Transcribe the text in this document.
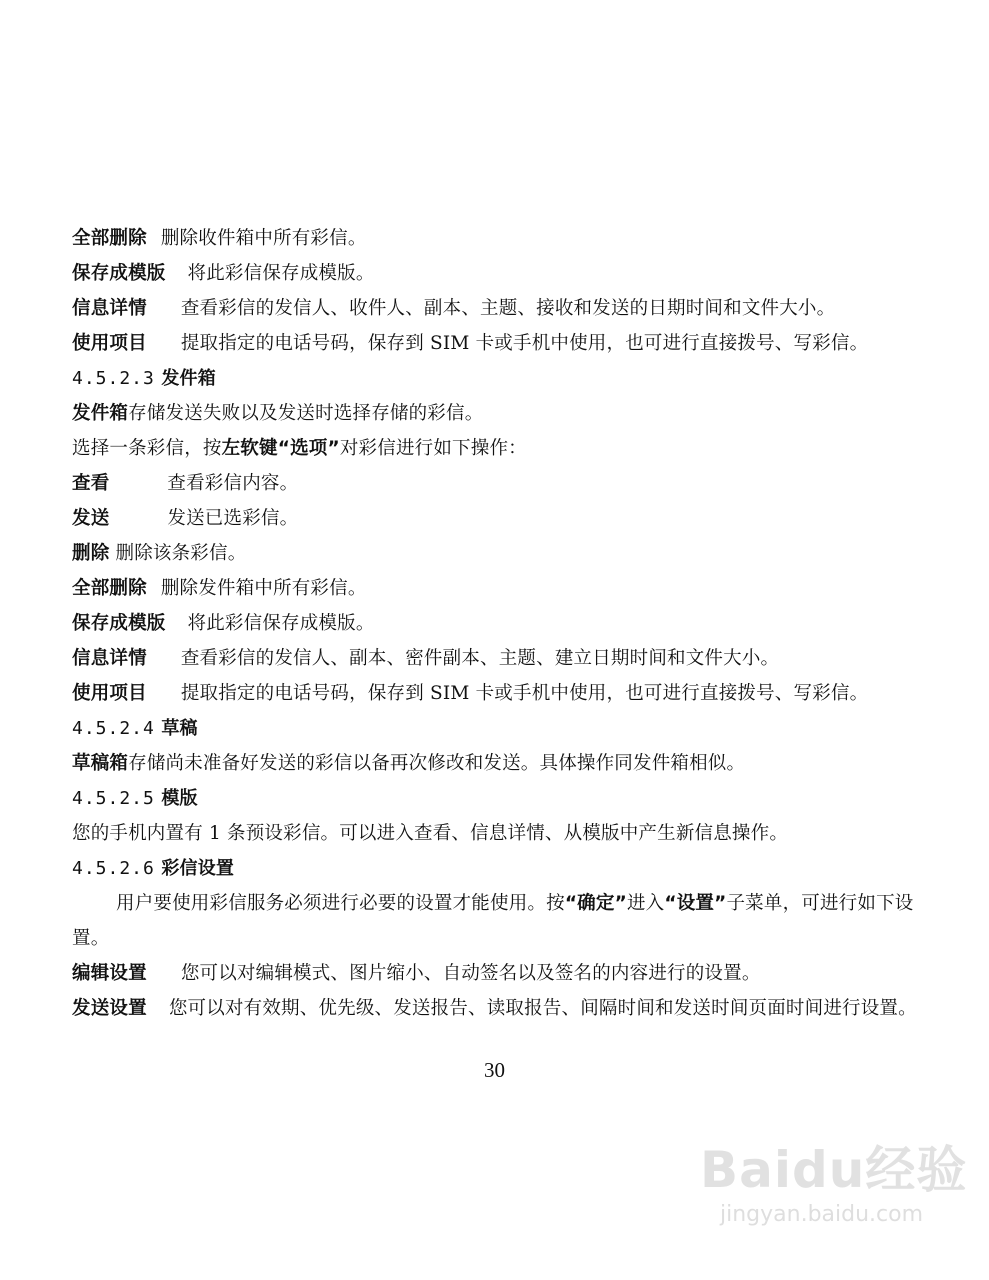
全部删除 删除收件箱中所有彩信。
保存成模版 将此彩信保存成模版。
信息详情 查看彩信的发信人、收件人、副本、主题、接收和发送的日期时间和文件大小。
使用项目 提取指定的电话号码，保存到 SIM 卡或手机中使用，也可进行直接拨号、写彩信。
4.5.2.3 发件箱
发件箱存储发送失败以及发送时选择存储的彩信。
选择一条彩信，按左软键“选项”对彩信进行如下操作：
查看	查看彩信内容。
发送	发送已选彩信。
删除 删除该条彩信。
全部删除 删除发件箱中所有彩信。
保存成模版 将此彩信保存成模版。
信息详情 查看彩信的发信人、副本、密件副本、主题、建立日期时间和文件大小。
使用项目 提取指定的电话号码，保存到 SIM 卡或手机中使用，也可进行直接拨号、写彩信。
4.5.2.4 草稿
草稿箱存储尚未准备好发送的彩信以备再次修改和发送。具体操作同发件箱相似。
4.5.2.5 模版
您的手机内置有 1 条预设彩信。可以进入查看、信息详情、从模版中产生新信息操作。
4.5.2.6 彩信设置
用户要使用彩信服务必须进行必要的设置才能使用。按“确定”进入“设置”子菜单，可进行如下设置。
编辑设置 您可以对编辑模式、图片缩小、自动签名以及签名的内容进行的设置。
发送设置 您可以对有效期、优先级、发送报告、读取报告、间隔时间和发送时间页面时间进行设置。
30
Baidu经验
jingyan.baidu.com
